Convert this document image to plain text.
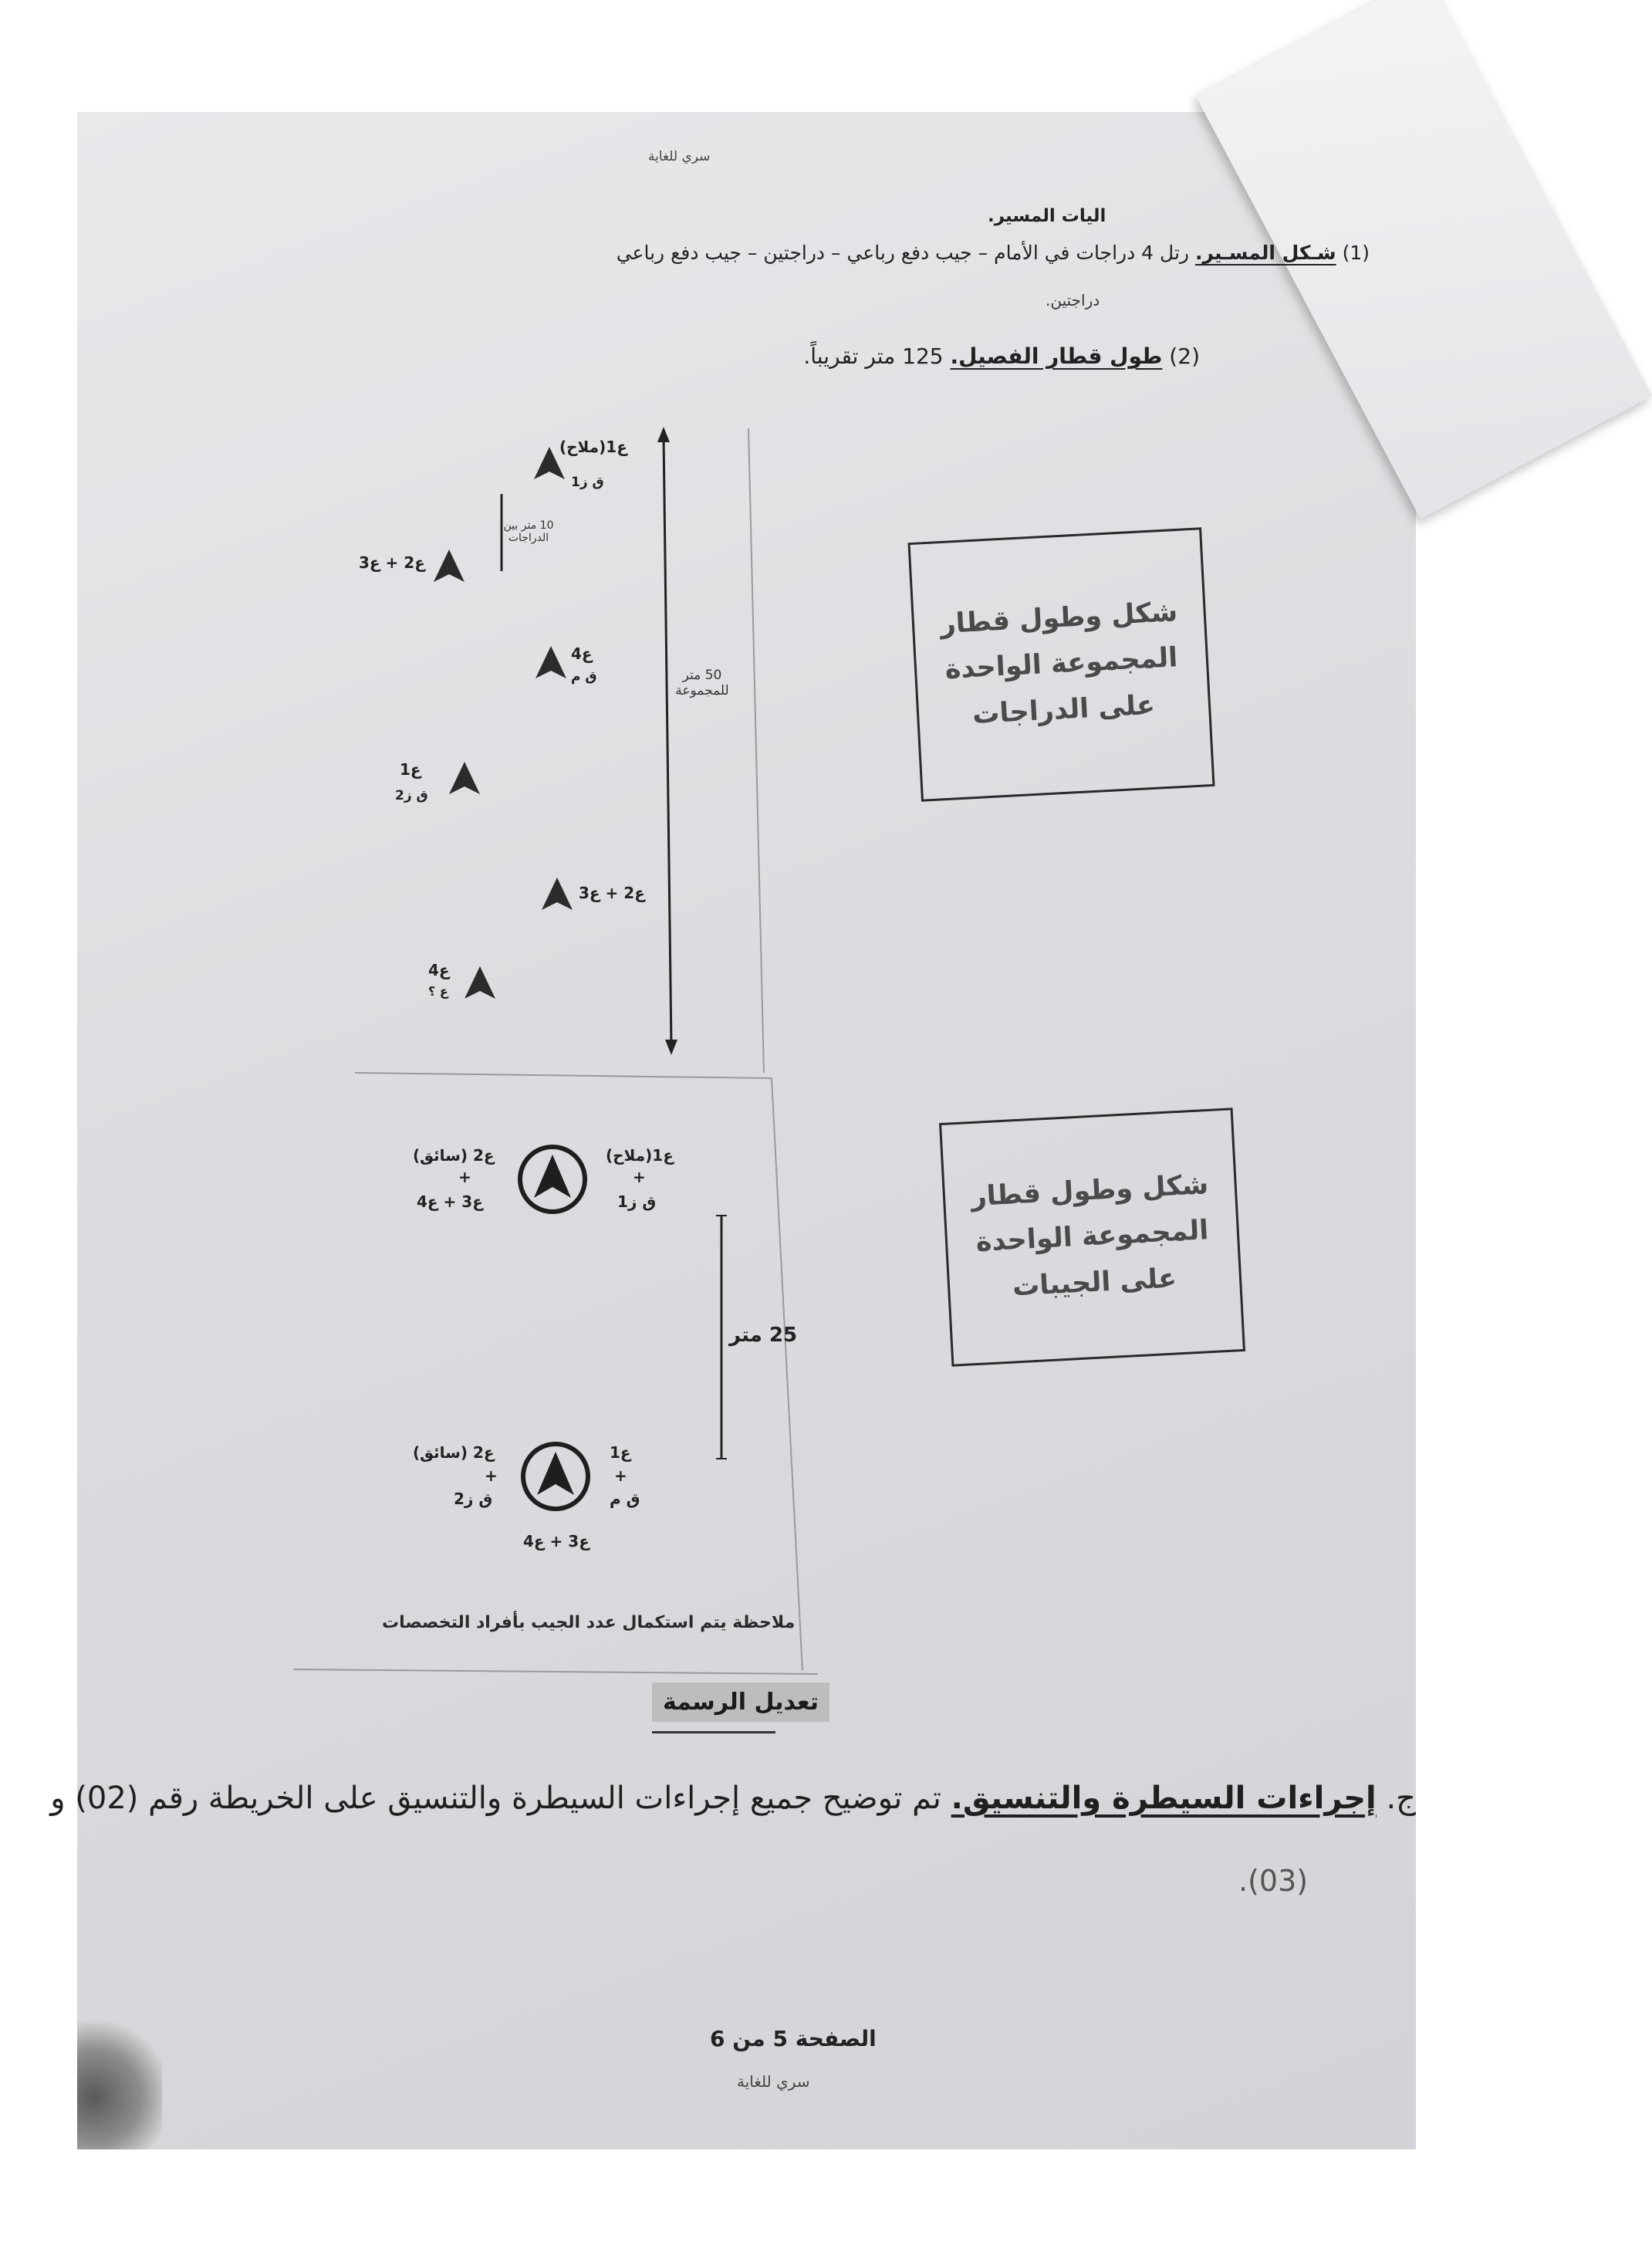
سري للغاية
اليات المسير.
(1) شـكل المسـير. رتل 4 دراجات في الأمام – جيب دفع رباعي – دراجتين – جيب دفع رباعي
دراجتين.
(2) طول قطار الفصيل. 125 متر تقريباً.
ع1(ملاح)
ق ز1
10 متر بين الدراجات
ع2 + ع3
ع4
ق م	50 متر للمجموعة
ع1
ق ز2
ع2 + ع3
ع4
ع ؟
شكل وطول قطار
المجموعة الواحدة
على الدراجات
ع2 (سائق)
+
ع3 + ع4
ع1(ملاح)
+
ق ز1
25 متر
ع2 (سائق)
+
ق ز2
ع1
+
ق م
ع3 + ع4
شكل وطول قطار
المجموعة الواحدة
على الجيبات
ملاحظة يتم استكمال عدد الجيب بأفراد التخصصات
تعديل الرسمة
ج. إجراءات السيطرة والتنسيق. تم توضيح جميع إجراءات السيطرة والتنسيق على الخريطة رقم (02) و
.(03)
الصفحة 5 من 6
سري للغاية
